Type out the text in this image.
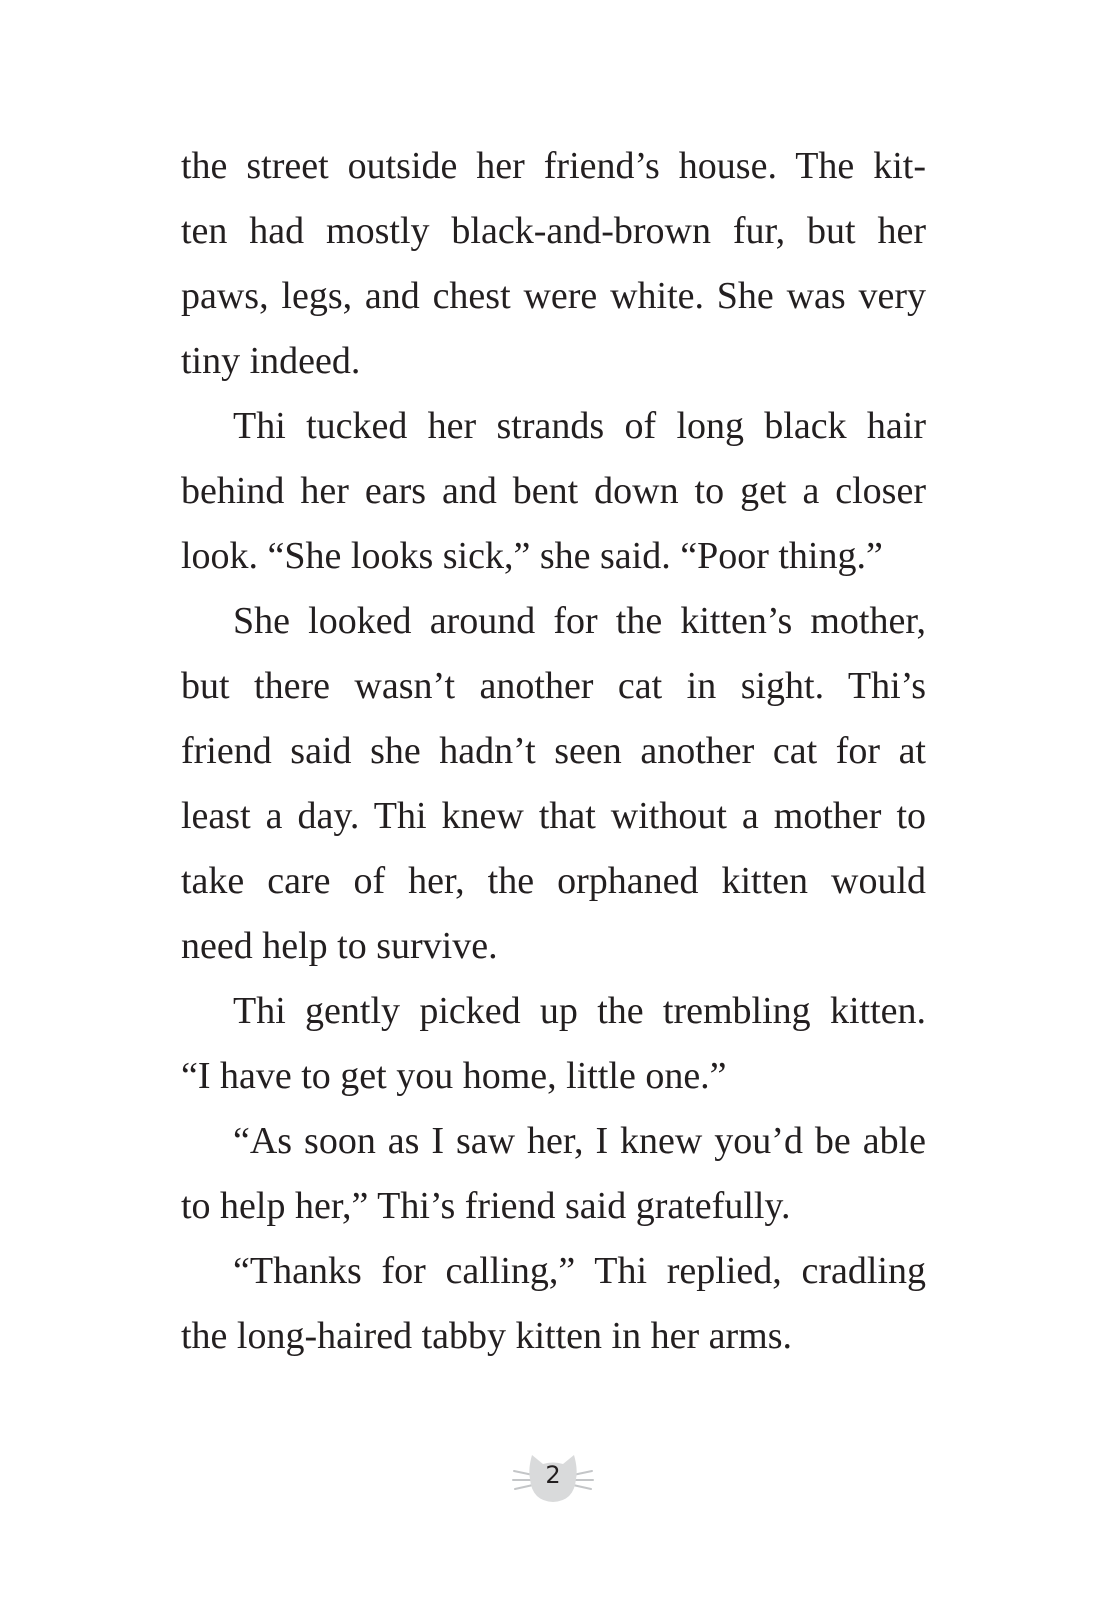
the street outside her friend’s house. The kit-
ten had mostly black-and-brown fur, but her
paws, legs, and chest were white. She was very
tiny indeed.
Thi tucked her strands of long black hair
behind her ears and bent down to get a closer
look. “She looks sick,” she said. “Poor thing.”
She looked around for the kitten’s mother,
but there wasn’t another cat in sight. Thi’s
friend said she hadn’t seen another cat for at
least a day. Thi knew that without a mother to
take care of her, the orphaned kitten would
need help to survive.
Thi gently picked up the trembling kitten.
“I have to get you home, little one.”
“As soon as I saw her, I knew you’d be able
to help her,” Thi’s friend said gratefully.
“Thanks for calling,” Thi replied, cradling
the long-haired tabby kitten in her arms.
2
